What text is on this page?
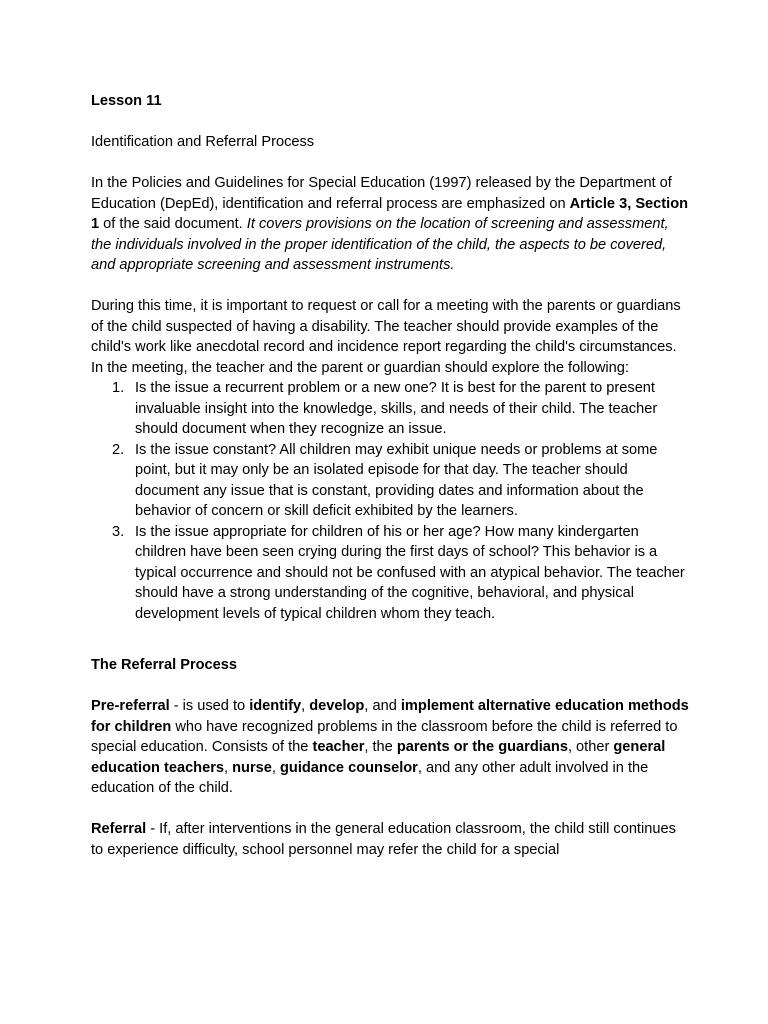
Lesson 11

Identification and Referral Process

In the Policies and Guidelines for Special Education (1997) released by the Department of Education (DepEd), identification and referral process are emphasized on Article 3, Section 1 of the said document. It covers provisions on the location of screening and assessment, the individuals involved in the proper identification of the child, the aspects to be covered, and appropriate screening and assessment instruments.

During this time, it is important to request or call for a meeting with the parents or guardians of the child suspected of having a disability. The teacher should provide examples of the child's work like anecdotal record and incidence report regarding the child's circumstances. In the meeting, the teacher and the parent or guardian should explore the following:

1. Is the issue a recurrent problem or a new one? It is best for the parent to present invaluable insight into the knowledge, skills, and needs of their child. The teacher should document when they recognize an issue.
2. Is the issue constant? All children may exhibit unique needs or problems at some point, but it may only be an isolated episode for that day. The teacher should document any issue that is constant, providing dates and information about the behavior of concern or skill deficit exhibited by the learners.
3. Is the issue appropriate for children of his or her age? How many kindergarten children have been seen crying during the first days of school? This behavior is a typical occurrence and should not be confused with an atypical behavior. The teacher should have a strong understanding of the cognitive, behavioral, and physical development levels of typical children whom they teach.

The Referral Process

Pre-referral - is used to identify, develop, and implement alternative education methods for children who have recognized problems in the classroom before the child is referred to special education. Consists of the teacher, the parents or the guardians, other general education teachers, nurse, guidance counselor, and any other adult involved in the education of the child.

Referral - If, after interventions in the general education classroom, the child still continues to experience difficulty, school personnel may refer the child for a special
